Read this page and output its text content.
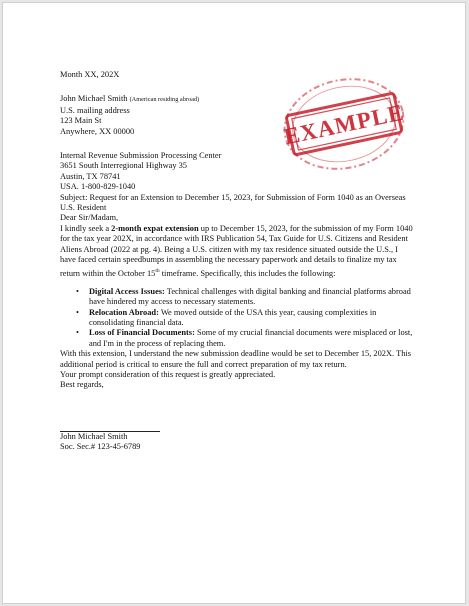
EXAMPLE
Month XX, 202X
John Michael Smith (American residing abroad)
U.S. mailing address
123 Main St
Anywhere, XX 00000
Internal Revenue Submission Processing Center
3651 South Interregional Highway 35
Austin, TX 78741
USA. 1-800-829-1040

Subject: Request for an Extension to December 15, 2023, for Submission of Form 1040 as an Overseas U.S. Resident

Dear Sir/Madam,

I kindly seek a 2-month expat extension up to December 15, 2023, for the submission of my Form 1040 for the tax year 202X, in accordance with IRS Publication 54, Tax Guide for U.S. Citizens and Resident Aliens Abroad (2022 at pg. 4). Being a U.S. citizen with my tax residence situated outside the U.S., I have faced certain speedbumps in assembling the necessary paperwork and details to finalize my tax return within the October 15th timeframe. Specifically, this includes the following:

• Digital Access Issues: Technical challenges with digital banking and financial platforms abroad have hindered my access to necessary statements.
• Relocation Abroad: We moved outside of the USA this year, causing complexities in consolidating financial data.
• Loss of Financial Documents: Some of my crucial financial documents were misplaced or lost, and I'm in the process of replacing them.

With this extension, I understand the new submission deadline would be set to December 15, 202X. This additional period is critical to ensure the full and correct preparation of my tax return.

Your prompt consideration of this request is greatly appreciated.

Best regards,

John Michael Smith
Soc. Sec.# 123-45-6789
